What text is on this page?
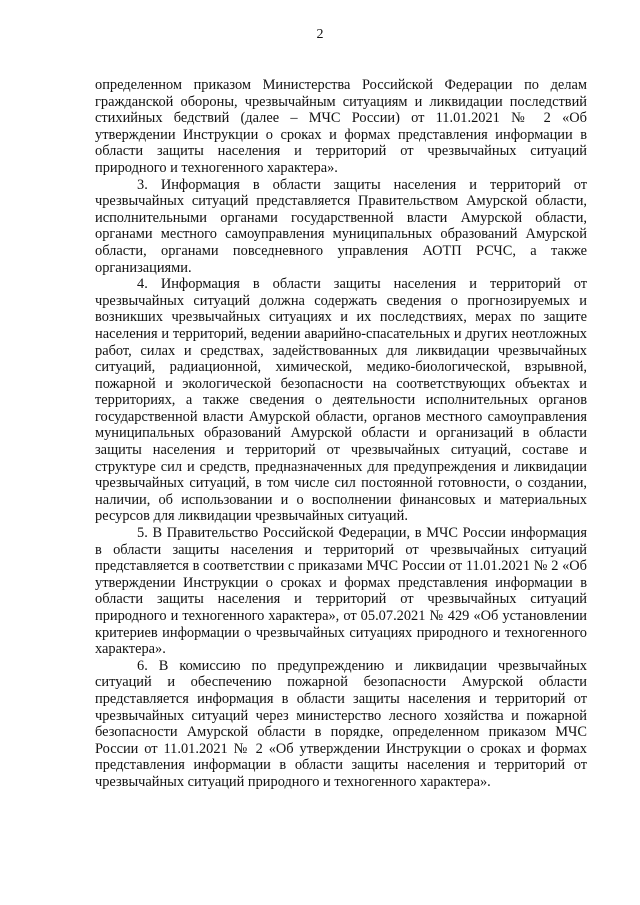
2

определенном приказом Министерства Российской Федерации по делам гражданской обороны, чрезвычайным ситуациям и ликвидации последствий стихийных бедствий (далее – МЧС России) от 11.01.2021 № 2 «Об утверждении Инструкции о сроках и формах представления информации в области защиты населения и территорий от чрезвычайных ситуаций природного и техногенного характера».

3. Информация в области защиты населения и территорий от чрезвычайных ситуаций представляется Правительством Амурской области, исполнительными органами государственной власти Амурской области, органами местного самоуправления муниципальных образований Амурской области, органами повседневного управления АОТП РСЧС, а также организациями.

4. Информация в области защиты населения и территорий от чрезвычайных ситуаций должна содержать сведения о прогнозируемых и возникших чрезвычайных ситуациях и их последствиях, мерах по защите населения и территорий, ведении аварийно-спасательных и других неотложных работ, силах и средствах, задействованных для ликвидации чрезвычайных ситуаций, радиационной, химической, медико-биологической, взрывной, пожарной и экологической безопасности на соответствующих объектах и территориях, а также сведения о деятельности исполнительных органов государственной власти Амурской области, органов местного самоуправления муниципальных образований Амурской области и организаций в области защиты населения и территорий от чрезвычайных ситуаций, составе и структуре сил и средств, предназначенных для предупреждения и ликвидации чрезвычайных ситуаций, в том числе сил постоянной готовности, о создании, наличии, об использовании и о восполнении финансовых и материальных ресурсов для ликвидации чрезвычайных ситуаций.

5. В Правительство Российской Федерации, в МЧС России информация в области защиты населения и территорий от чрезвычайных ситуаций представляется в соответствии с приказами МЧС России от 11.01.2021 № 2 «Об утверждении Инструкции о сроках и формах представления информации в области защиты населения и территорий от чрезвычайных ситуаций природного и техногенного характера», от 05.07.2021 № 429 «Об установлении критериев информации о чрезвычайных ситуациях природного и техногенного характера».

6. В комиссию по предупреждению и ликвидации чрезвычайных ситуаций и обеспечению пожарной безопасности Амурской области представляется информация в области защиты населения и территорий от чрезвычайных ситуаций через министерство лесного хозяйства и пожарной безопасности Амурской области в порядке, определенном приказом МЧС России от 11.01.2021 № 2 «Об утверждении Инструкции о сроках и формах представления информации в области защиты населения и территорий от чрезвычайных ситуаций природного и техногенного характера».
